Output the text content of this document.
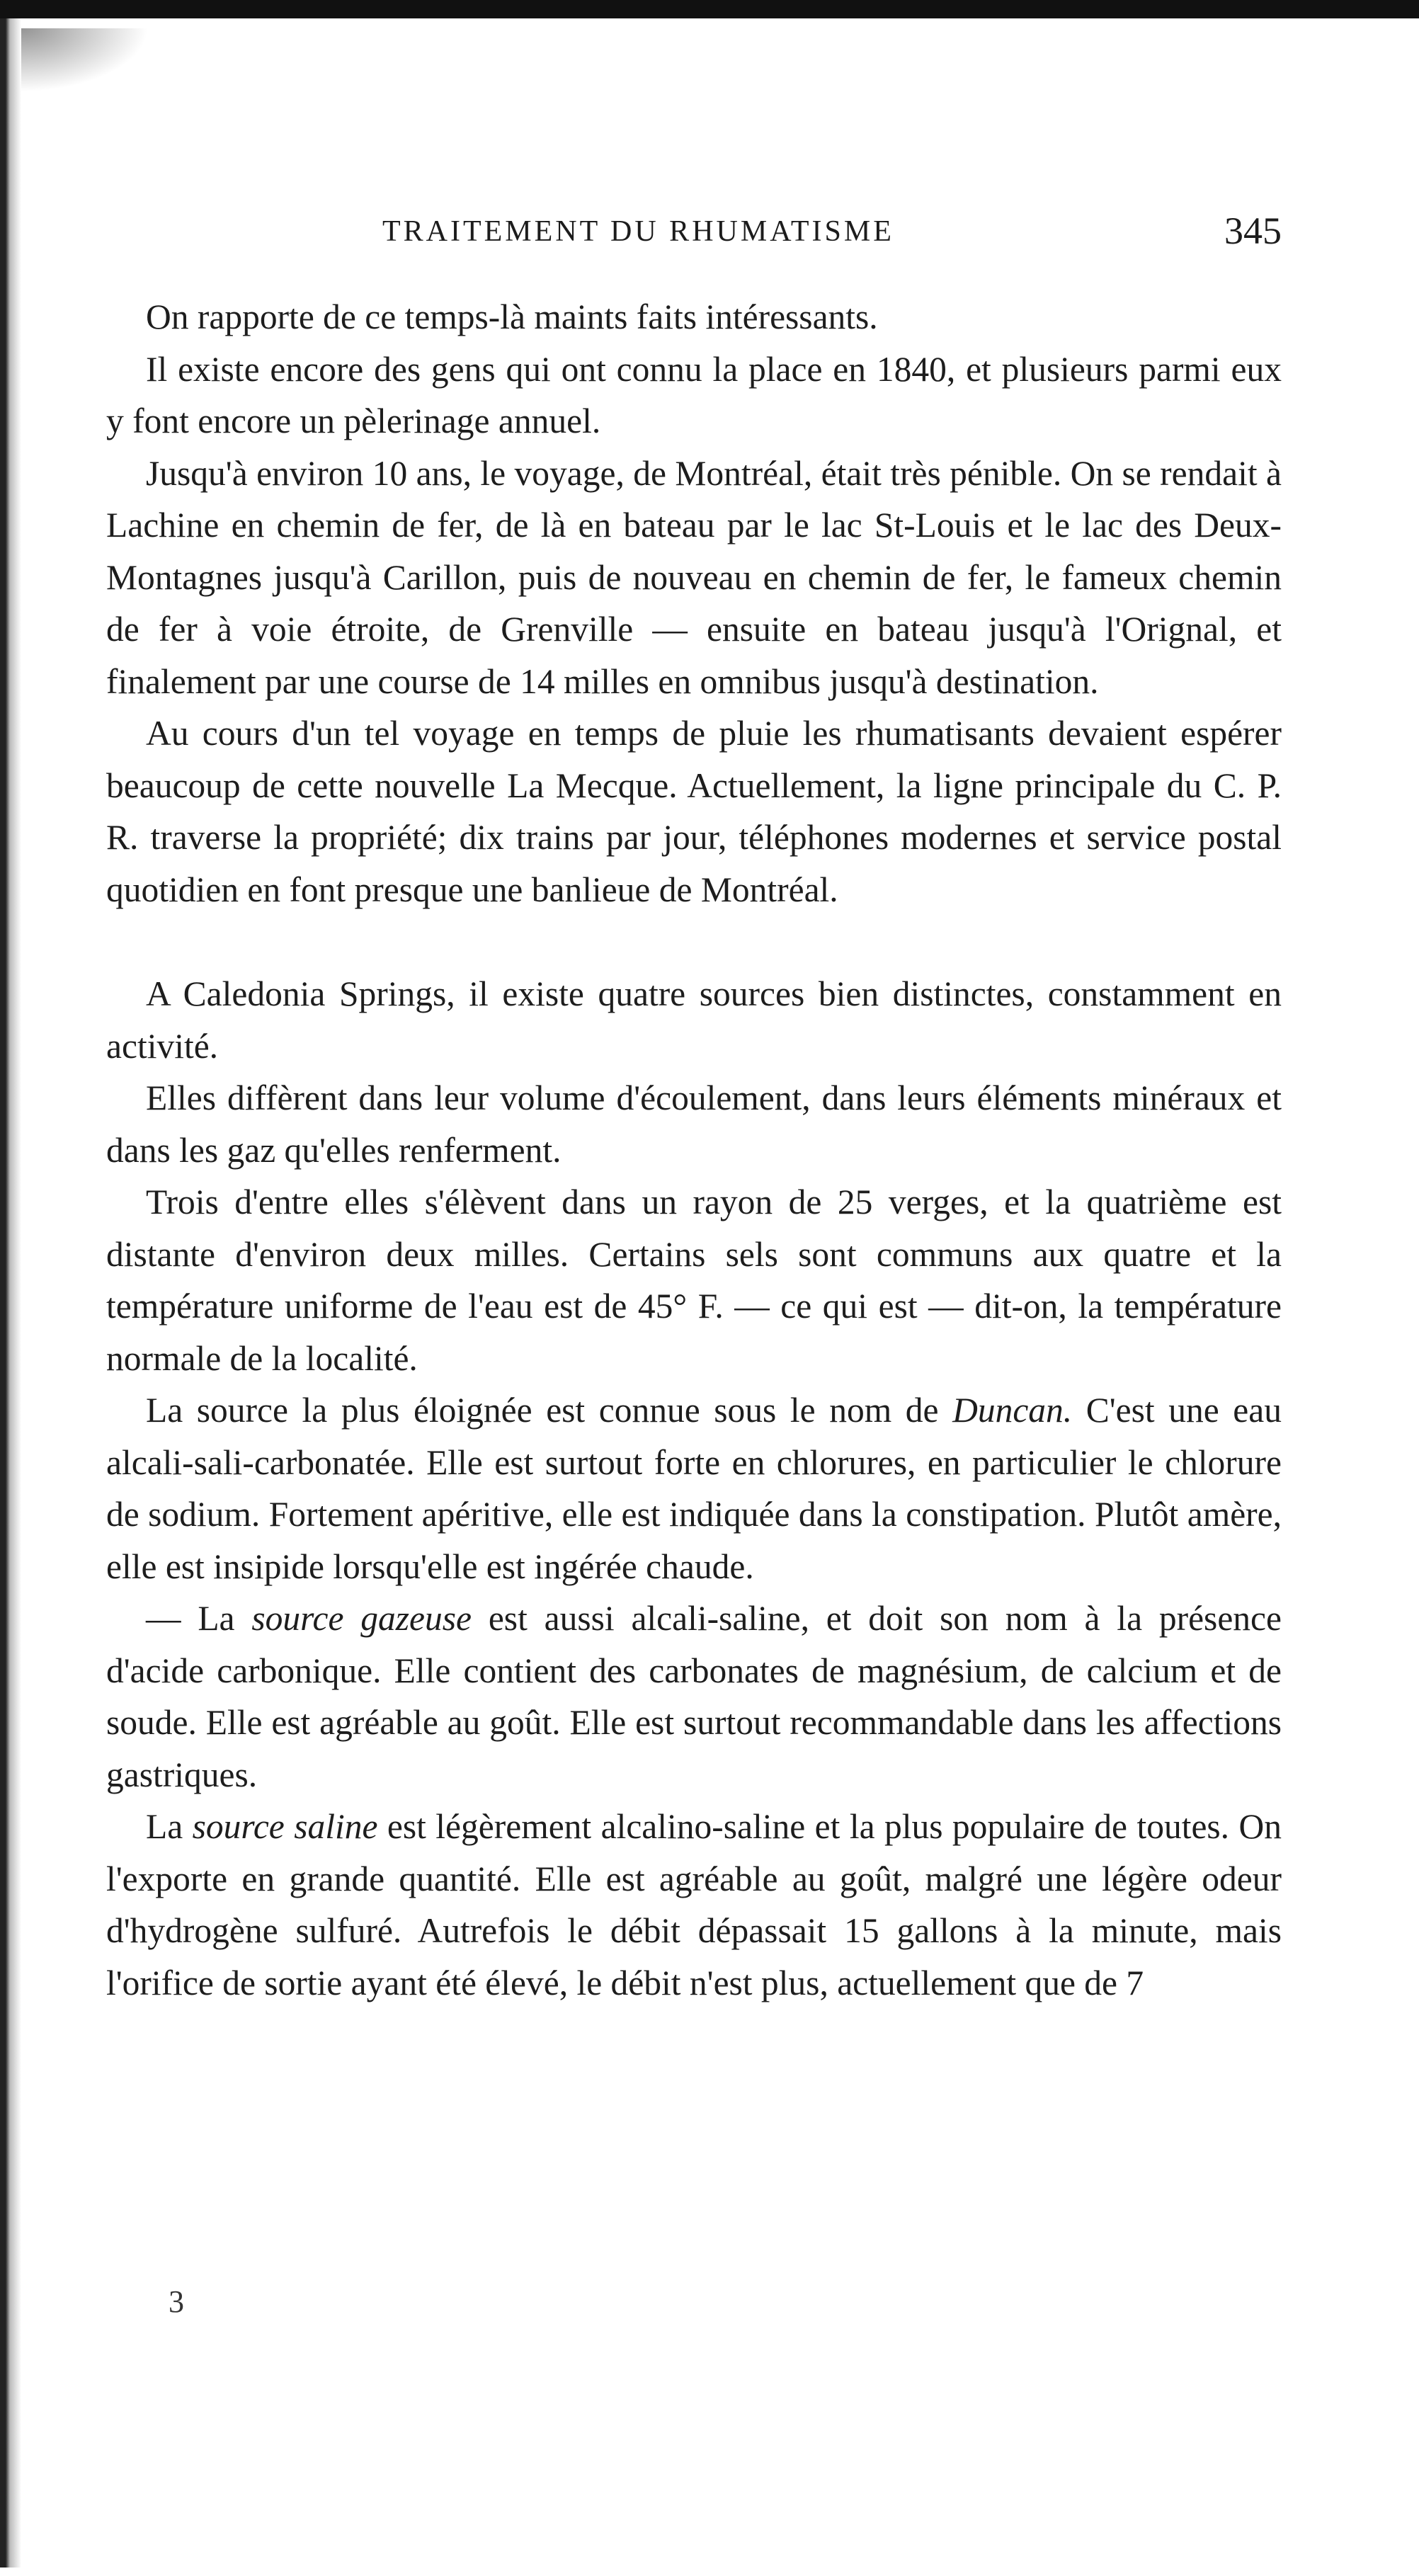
TRAITEMENT DU RHUMATISME	345

On rapporte de ce temps-là maints faits intéressants.

Il existe encore des gens qui ont connu la place en 1840, et plusieurs parmi eux y font encore un pèlerinage annuel.

Jusqu'à environ 10 ans, le voyage, de Montréal, était très pénible. On se rendait à Lachine en chemin de fer, de là en bateau par le lac St-Louis et le lac des Deux-Montagnes jusqu'à Carillon, puis de nouveau en chemin de fer, le fameux chemin de fer à voie étroite, de Grenville — ensuite en bateau jusqu'à l'Orignal, et finalement par une course de 14 milles en omnibus jusqu'à destination.

Au cours d'un tel voyage en temps de pluie les rhumatisants devaient espérer beaucoup de cette nouvelle La Mecque. Actuellement, la ligne principale du C. P. R. traverse la propriété; dix trains par jour, téléphones modernes et service postal quotidien en font presque une banlieue de Montréal.

A Caledonia Springs, il existe quatre sources bien distinctes, constamment en activité.

Elles diffèrent dans leur volume d'écoulement, dans leurs éléments minéraux et dans les gaz qu'elles renferment.

Trois d'entre elles s'élèvent dans un rayon de 25 verges, et la quatrième est distante d'environ deux milles. Certains sels sont communs aux quatre et la température uniforme de l'eau est de 45° F. — ce qui est — dit-on, la température normale de la localité.

La source la plus éloignée est connue sous le nom de Duncan. C'est une eau alcali-sali-carbonatée. Elle est surtout forte en chlorures, en particulier le chlorure de sodium. Fortement apéritive, elle est indiquée dans la constipation. Plutôt amère, elle est insipide lorsqu'elle est ingérée chaude.

— La source gazeuse est aussi alcali-saline, et doit son nom à la présence d'acide carbonique. Elle contient des carbonates de magnésium, de calcium et de soude. Elle est agréable au goût. Elle est surtout recommandable dans les affections gastriques.

La source saline est légèrement alcalino-saline et la plus populaire de toutes. On l'exporte en grande quantité. Elle est agréable au goût, malgré une légère odeur d'hydrogène sulfuré. Autrefois le débit dépassait 15 gallons à la minute, mais l'orifice de sortie ayant été élevé, le débit n'est plus, actuellement que de 7

3
